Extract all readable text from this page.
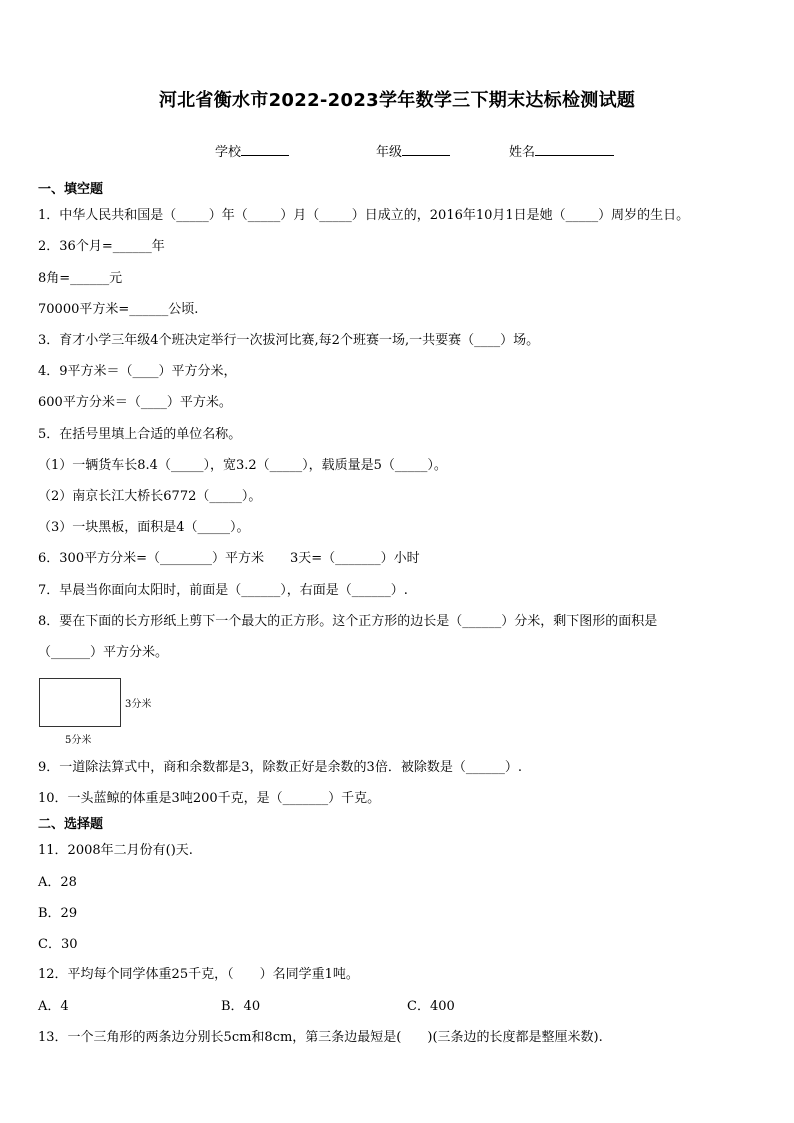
河北省衡水市2022-2023学年数学三下期末达标检测试题
学校	年级	姓名
一、填空题
1．中华人民共和国是（_____）年（_____）月（_____）日成立的，2016年10月1日是她（_____）周岁的生日。
2．36个月=______年
8角=______元
70000平方米=______公顷.
3．育才小学三年级4个班决定举行一次拔河比赛,每2个班赛一场,一共要赛（____）场。
4．9平方米＝（____）平方分米，
600平方分米＝（____）平方米。
5．在括号里填上合适的单位名称。
（1）一辆货车长8.4（_____），宽3.2（_____），载质量是5（_____）。
（2）南京长江大桥长6772（_____）。
（3）一块黑板，面积是4（_____）。
6．300平方分米=（________）平方米　　3天=（_______）小时
7．早晨当你面向太阳时，前面是（______），右面是（______）.
8．要在下面的长方形纸上剪下一个最大的正方形。这个正方形的边长是（______）分米，剩下图形的面积是
（______）平方分米。
3分米
5分米
9．一道除法算式中，商和余数都是3，除数正好是余数的3倍．被除数是（______）.
10．一头蓝鲸的体重是3吨200千克，是（_______）千克。
二、选择题
11．2008年二月份有()天.
A．28
B．29
C．30
12．平均每个同学体重25千克，（　　）名同学重1吨。
A．4	B．40	C．400
13．一个三角形的两条边分别长5cm和8cm，第三条边最短是(　　)(三条边的长度都是整厘米数).
